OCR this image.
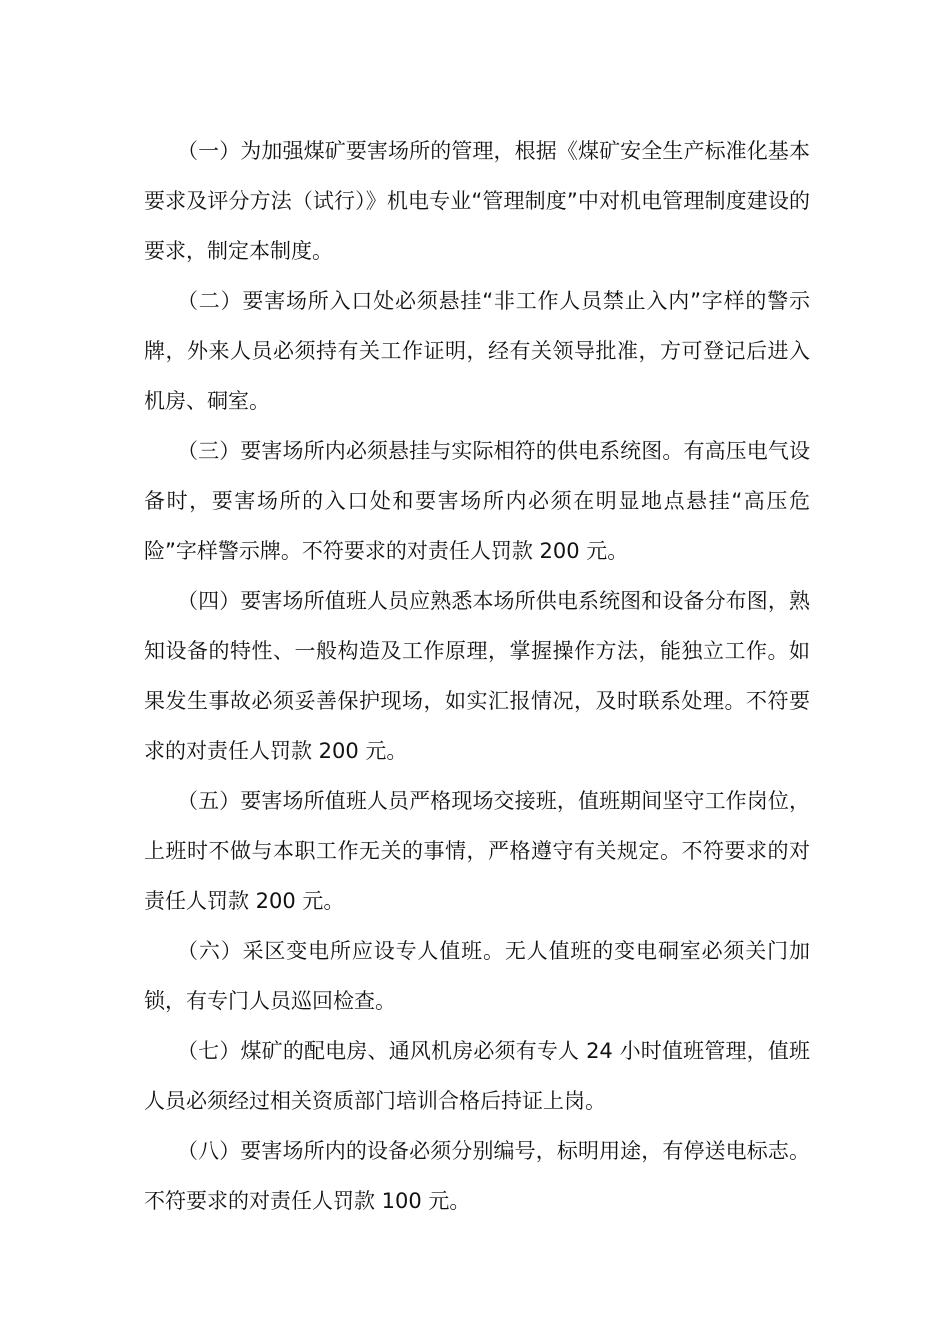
（一）为加强煤矿要害场所的管理，根据《煤矿安全生产标准化基本要求及评分方法（试行）》机电专业“管理制度”中对机电管理制度建设的要求，制定本制度。

（二）要害场所入口处必须悬挂“非工作人员禁止入内”字样的警示牌，外来人员必须持有关工作证明，经有关领导批准，方可登记后进入机房、硐室。

（三）要害场所内必须悬挂与实际相符的供电系统图。有高压电气设备时，要害场所的入口处和要害场所内必须在明显地点悬挂“高压危险”字样警示牌。不符要求的对责任人罚款 200 元。

（四）要害场所值班人员应熟悉本场所供电系统图和设备分布图，熟知设备的特性、一般构造及工作原理，掌握操作方法，能独立工作。如果发生事故必须妥善保护现场，如实汇报情况，及时联系处理。不符要求的对责任人罚款 200 元。

（五）要害场所值班人员严格现场交接班，值班期间坚守工作岗位，上班时不做与本职工作无关的事情，严格遵守有关规定。不符要求的对责任人罚款 200 元。

（六）采区变电所应设专人值班。无人值班的变电硐室必须关门加锁，有专门人员巡回检查。

（七）煤矿的配电房、通风机房必须有专人 24 小时值班管理，值班人员必须经过相关资质部门培训合格后持证上岗。

（八）要害场所内的设备必须分别编号，标明用途，有停送电标志。不符要求的对责任人罚款 100 元。
